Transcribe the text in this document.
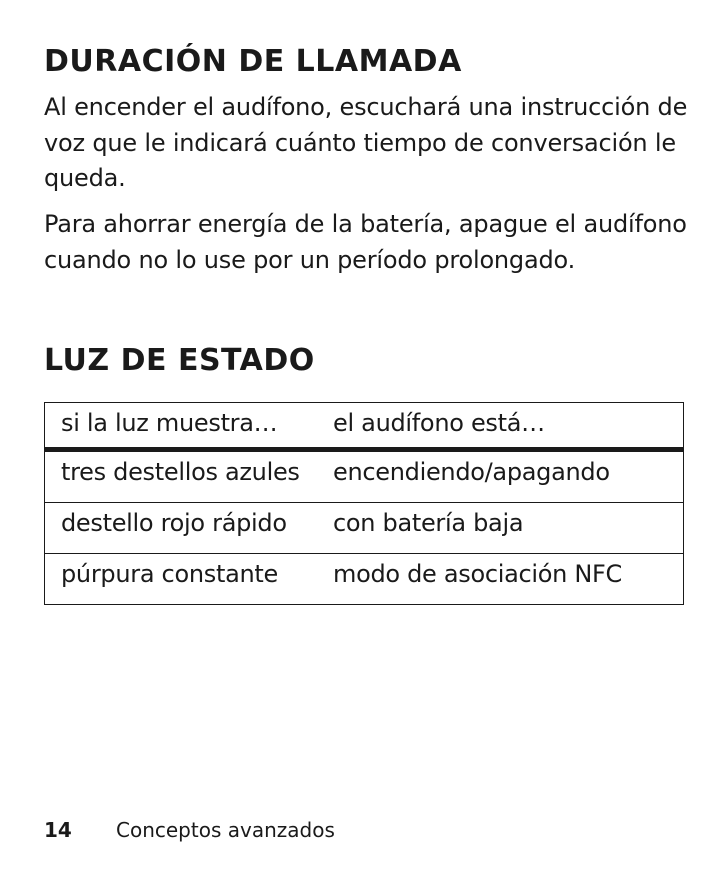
DURACIÓN DE LLAMADA

Al encender el audífono, escuchará una instrucción de voz que le indicará cuánto tiempo de conversación le queda.

Para ahorrar energía de la batería, apague el audífono cuando no lo use por un período prolongado.

LUZ DE ESTADO
si la luz muestra…	el audífono está…
tres destellos azules	encendiendo/apagando
destello rojo rápido	con batería baja
púrpura constante	modo de asociación NFC
14 Conceptos avanzados
